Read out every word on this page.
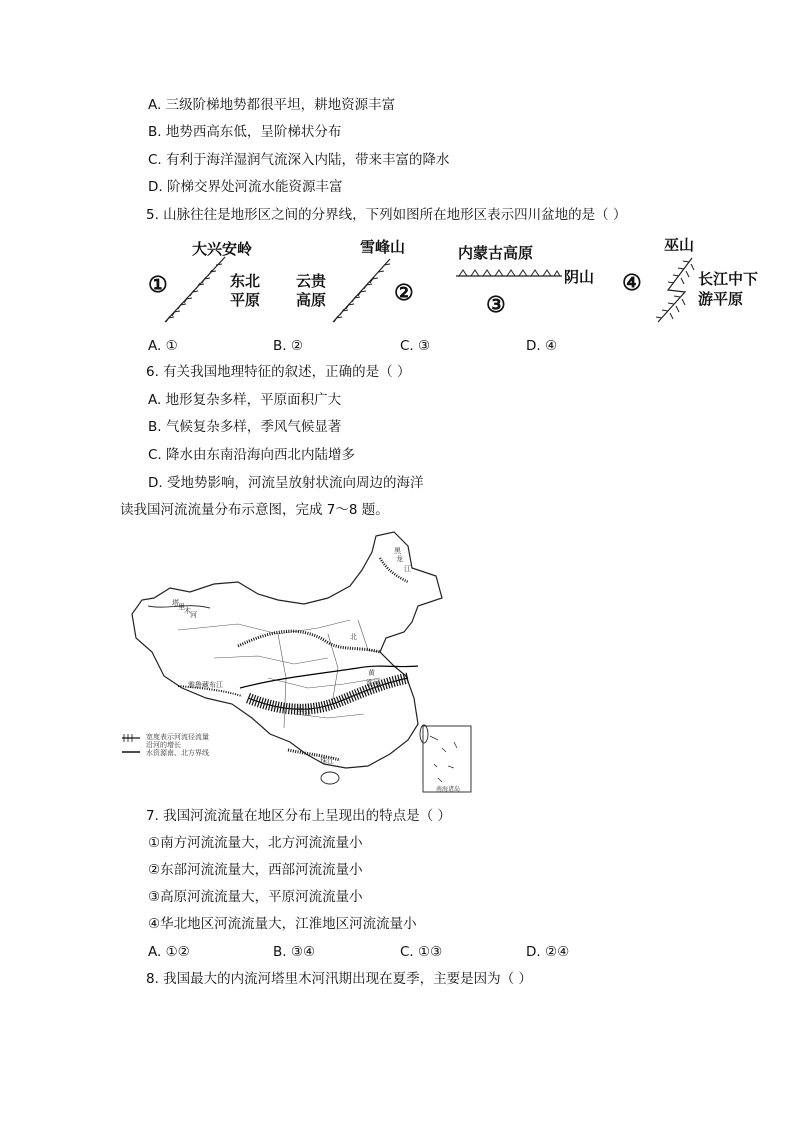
A. 三级阶梯地势都很平坦，耕地资源丰富
B. 地势西高东低，呈阶梯状分布
C. 有利于海洋湿润气流深入内陆，带来丰富的降水
D. 阶梯交界处河流水能资源丰富
5. 山脉往往是地形区之间的分界线，下列如图所在地形区表示四川盆地的是（ ）
大兴安岭
①	东北
平原
雪峰山
云贵
高原	②
内蒙古高原
阴山
③
巫山
④	长江中下
游平原
A. ①	B. ②	C. ③	D. ④
6. 有关我国地理特征的叙述，正确的是（ ）
A. 地形复杂多样，平原面积广大
B. 气候复杂多样，季风气候显著
C. 降水由东南沿海向西北内陆增多
D. 受地势影响，河流呈放射状流向周边的海洋
读我国河流流量分布示意图，完成 7～8 题。
宽度表示河流径流量
沿河的增长
水资源南、北方界线
黑
龙
江
塔 里 木 河
北
黄
淮河
长 江
珠江
雅鲁藏布江
南海诸岛
7. 我国河流流量在地区分布上呈现出的特点是（ ）
①南方河流流量大，北方河流流量小
②东部河流流量大，西部河流流量小
③高原河流流量大，平原河流流量小
④华北地区河流流量大，江淮地区河流流量小
A. ①②	B. ③④	C. ①③	D. ②④
8. 我国最大的内流河塔里木河汛期出现在夏季，主要是因为（ ）
